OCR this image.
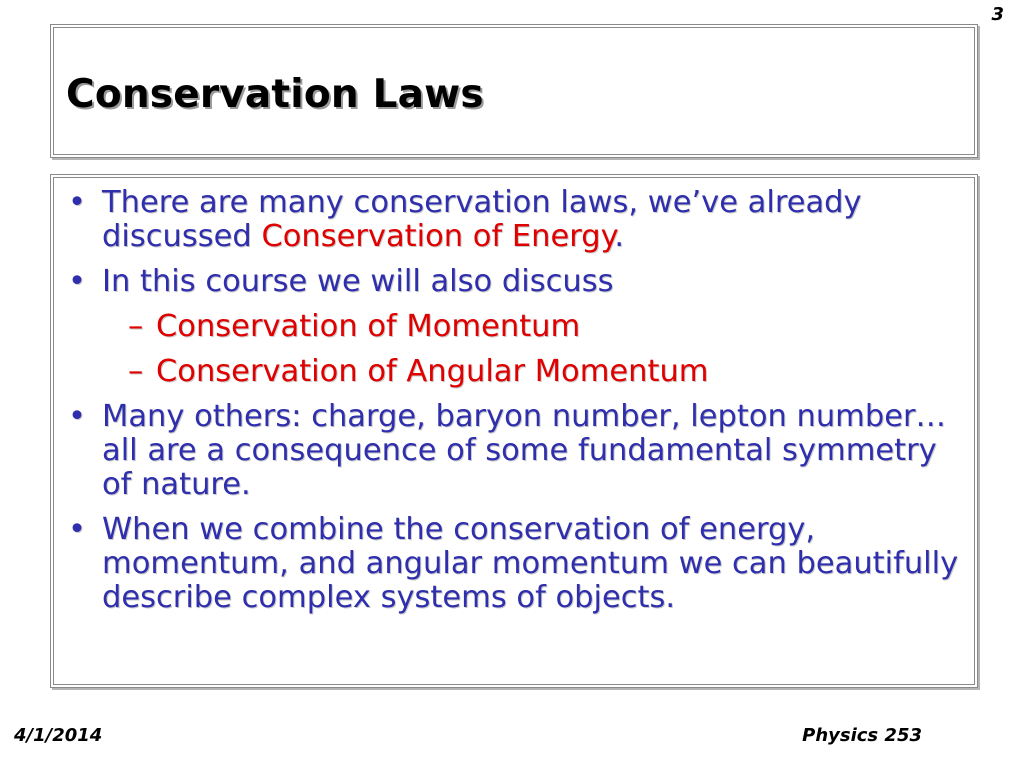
3
Conservation Laws
• There are many conservation laws, we’ve already discussed Conservation of Energy.
• In this course we will also discuss
– Conservation of Momentum
– Conservation of Angular Momentum
• Many others: charge, baryon number, lepton number…all are a consequence of some fundamental symmetry of nature.
• When we combine the conservation of energy, momentum, and angular momentum we can beautifully describe complex systems of objects.
4/1/2014	Physics 253
